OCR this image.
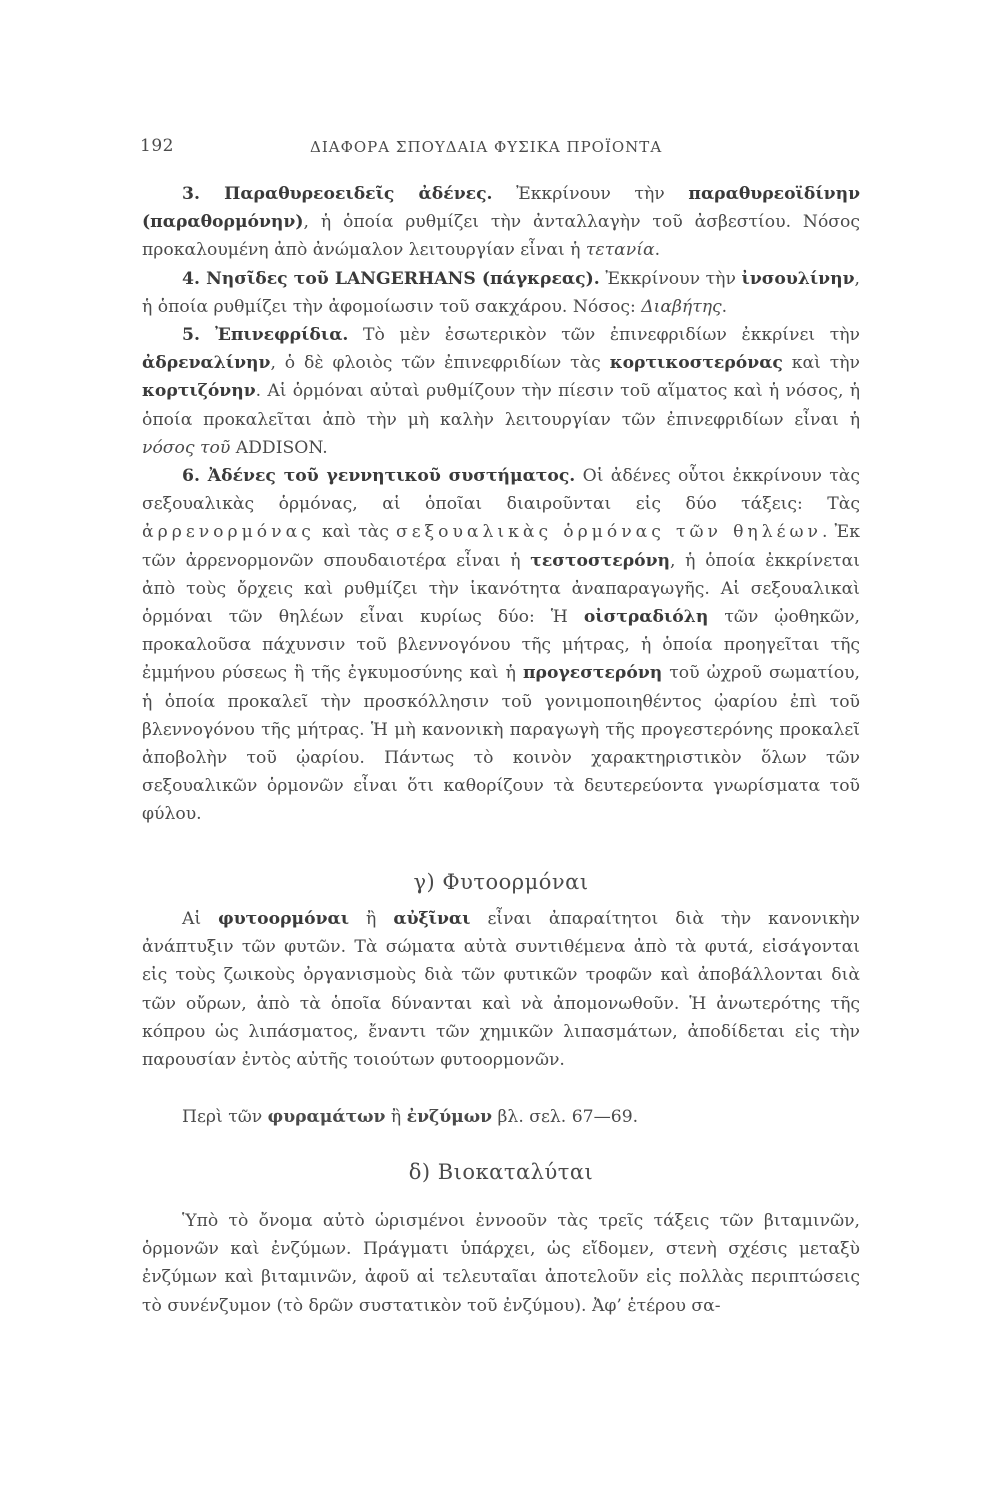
192	ΔΙΑΦΟΡΑ ΣΠΟΥΔΑΙΑ ΦΥΣΙΚΑ ΠΡΟΪΟΝΤΑ

3. Παραθυρεοειδεῖς ἀδένες. Ἐκκρίνουν τὴν παραθυρεοϊδίνην (παραθορμόνην), ἡ ὁποία ρυθμίζει τὴν ἀνταλλαγὴν τοῦ ἀσβεστίου. Νόσος προκαλουμένη ἀπὸ ἀνώμαλον λειτουργίαν εἶναι ἡ τετανία.

4. Νησῖδες τοῦ LANGERHANS (πάγκρεας). Ἐκκρίνουν τὴν ἰνσουλίνην, ἡ ὁποία ρυθμίζει τὴν ἀφομοίωσιν τοῦ σακχάρου. Νόσος: Διαβήτης.

5. Ἐπινεφρίδια. Τὸ μὲν ἐσωτερικὸν τῶν ἐπινεφριδίων ἐκκρίνει τὴν ἀδρεναλίνην, ὁ δὲ φλοιὸς τῶν ἐπινεφριδίων τὰς κορτικοστερόνας καὶ τὴν κορτιζόνην. Αἱ ὁρμόναι αὐταὶ ρυθμίζουν τὴν πίεσιν τοῦ αἵματος καὶ ἡ νόσος, ἡ ὁποία προκαλεῖται ἀπὸ τὴν μὴ καλὴν λειτουργίαν τῶν ἐπινεφριδίων εἶναι ἡ νόσος τοῦ ADDISON.

6. Ἀδένες τοῦ γεννητικοῦ συστήματος. Οἱ ἀδένες οὗτοι ἐκκρίνουν τὰς σεξουαλικὰς ὁρμόνας, αἱ ὁποῖαι διαιροῦνται εἰς δύο τάξεις: Τὰς ἀρρενορμόνας καὶ τὰς σεξουαλικὰς ὁρμόνας τῶν θηλέων. Ἐκ τῶν ἀρρενορμονῶν σπουδαιοτέρα εἶναι ἡ τεστοστερόνη, ἡ ὁποία ἐκκρίνεται ἀπὸ τοὺς ὄρχεις καὶ ρυθμίζει τὴν ἱκανότητα ἀναπαραγωγῆς. Αἱ σεξουαλικαὶ ὁρμόναι τῶν θηλέων εἶναι κυρίως δύο: Ἡ οἰστραδιόλη τῶν ᾠοθηκῶν, προκαλοῦσα πάχυνσιν τοῦ βλεννογόνου τῆς μήτρας, ἡ ὁποία προηγεῖται τῆς ἐμμήνου ρύσεως ἢ τῆς ἐγκυμοσύνης καὶ ἡ προγεστερόνη τοῦ ὠχροῦ σωματίου, ἡ ὁποία προκαλεῖ τὴν προσκόλλησιν τοῦ γονιμοποιηθέντος ᾠαρίου ἐπὶ τοῦ βλεννογόνου τῆς μήτρας. Ἡ μὴ κανονικὴ παραγωγὴ τῆς προγεστερόνης προκαλεῖ ἀποβολὴν τοῦ ᾠαρίου. Πάντως τὸ κοινὸν χαρακτηριστικὸν ὅλων τῶν σεξουαλικῶν ὁρμονῶν εἶναι ὅτι καθορίζουν τὰ δευτερεύοντα γνωρίσματα τοῦ φύλου.

γ) Φυτοορμόναι

Αἱ φυτοορμόναι ἢ αὐξῖναι εἶναι ἀπαραίτητοι διὰ τὴν κανονικὴν ἀνάπτυξιν τῶν φυτῶν. Τὰ σώματα αὐτὰ συντιθέμενα ἀπὸ τὰ φυτά, εἰσάγονται εἰς τοὺς ζωικοὺς ὀργανισμοὺς διὰ τῶν φυτικῶν τροφῶν καὶ ἀποβάλλονται διὰ τῶν οὔρων, ἀπὸ τὰ ὁποῖα δύνανται καὶ νὰ ἀπομονωθοῦν. Ἡ ἀνωτερότης τῆς κόπρου ὡς λιπάσματος, ἔναντι τῶν χημικῶν λιπασμάτων, ἀποδίδεται εἰς τὴν παρουσίαν ἐντὸς αὐτῆς τοιούτων φυτοορμονῶν.

Περὶ τῶν φυραμάτων ἢ ἐνζύμων βλ. σελ. 67—69.
δ) Βιοκαταλύται

Ὑπὸ τὸ ὄνομα αὐτὸ ὡρισμένοι ἐννοοῦν τὰς τρεῖς τάξεις τῶν βιταμινῶν, ὁρμονῶν καὶ ἐνζύμων. Πράγματι ὑπάρχει, ὡς εἴδομεν, στενὴ σχέσις μεταξὺ ἐνζύμων καὶ βιταμινῶν, ἀφοῦ αἱ τελευταῖαι ἀποτελοῦν εἰς πολλὰς περιπτώσεις τὸ συνένζυμον (τὸ δρῶν συστατικὸν τοῦ ἐνζύμου). Ἀφ’ ἑτέρου σα-
